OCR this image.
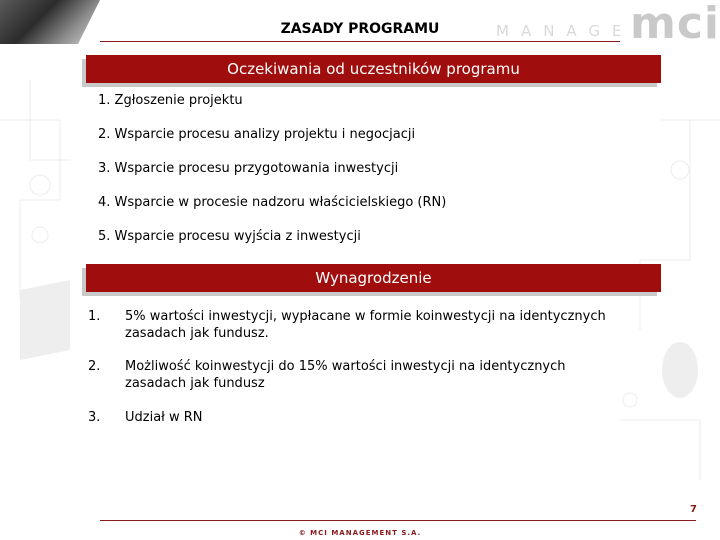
MANAGE
mci
ZASADY PROGRAMU
Oczekiwania od uczestników programu
1. Zgłoszenie projektu
2. Wsparcie procesu analizy projektu i negocjacji
3. Wsparcie procesu przygotowania inwestycji
4. Wsparcie w procesie nadzoru właścicielskiego (RN)
5. Wsparcie procesu wyjścia z inwestycji
Wynagrodzenie
1. 5% wartości inwestycji, wypłacane w formie koinwestycji na identycznych zasadach jak fundusz.
2. Możliwość koinwestycji do 15% wartości inwestycji na identycznych zasadach jak fundusz
3. Udział w RN
7
© MCI MANAGEMENT S.A.
